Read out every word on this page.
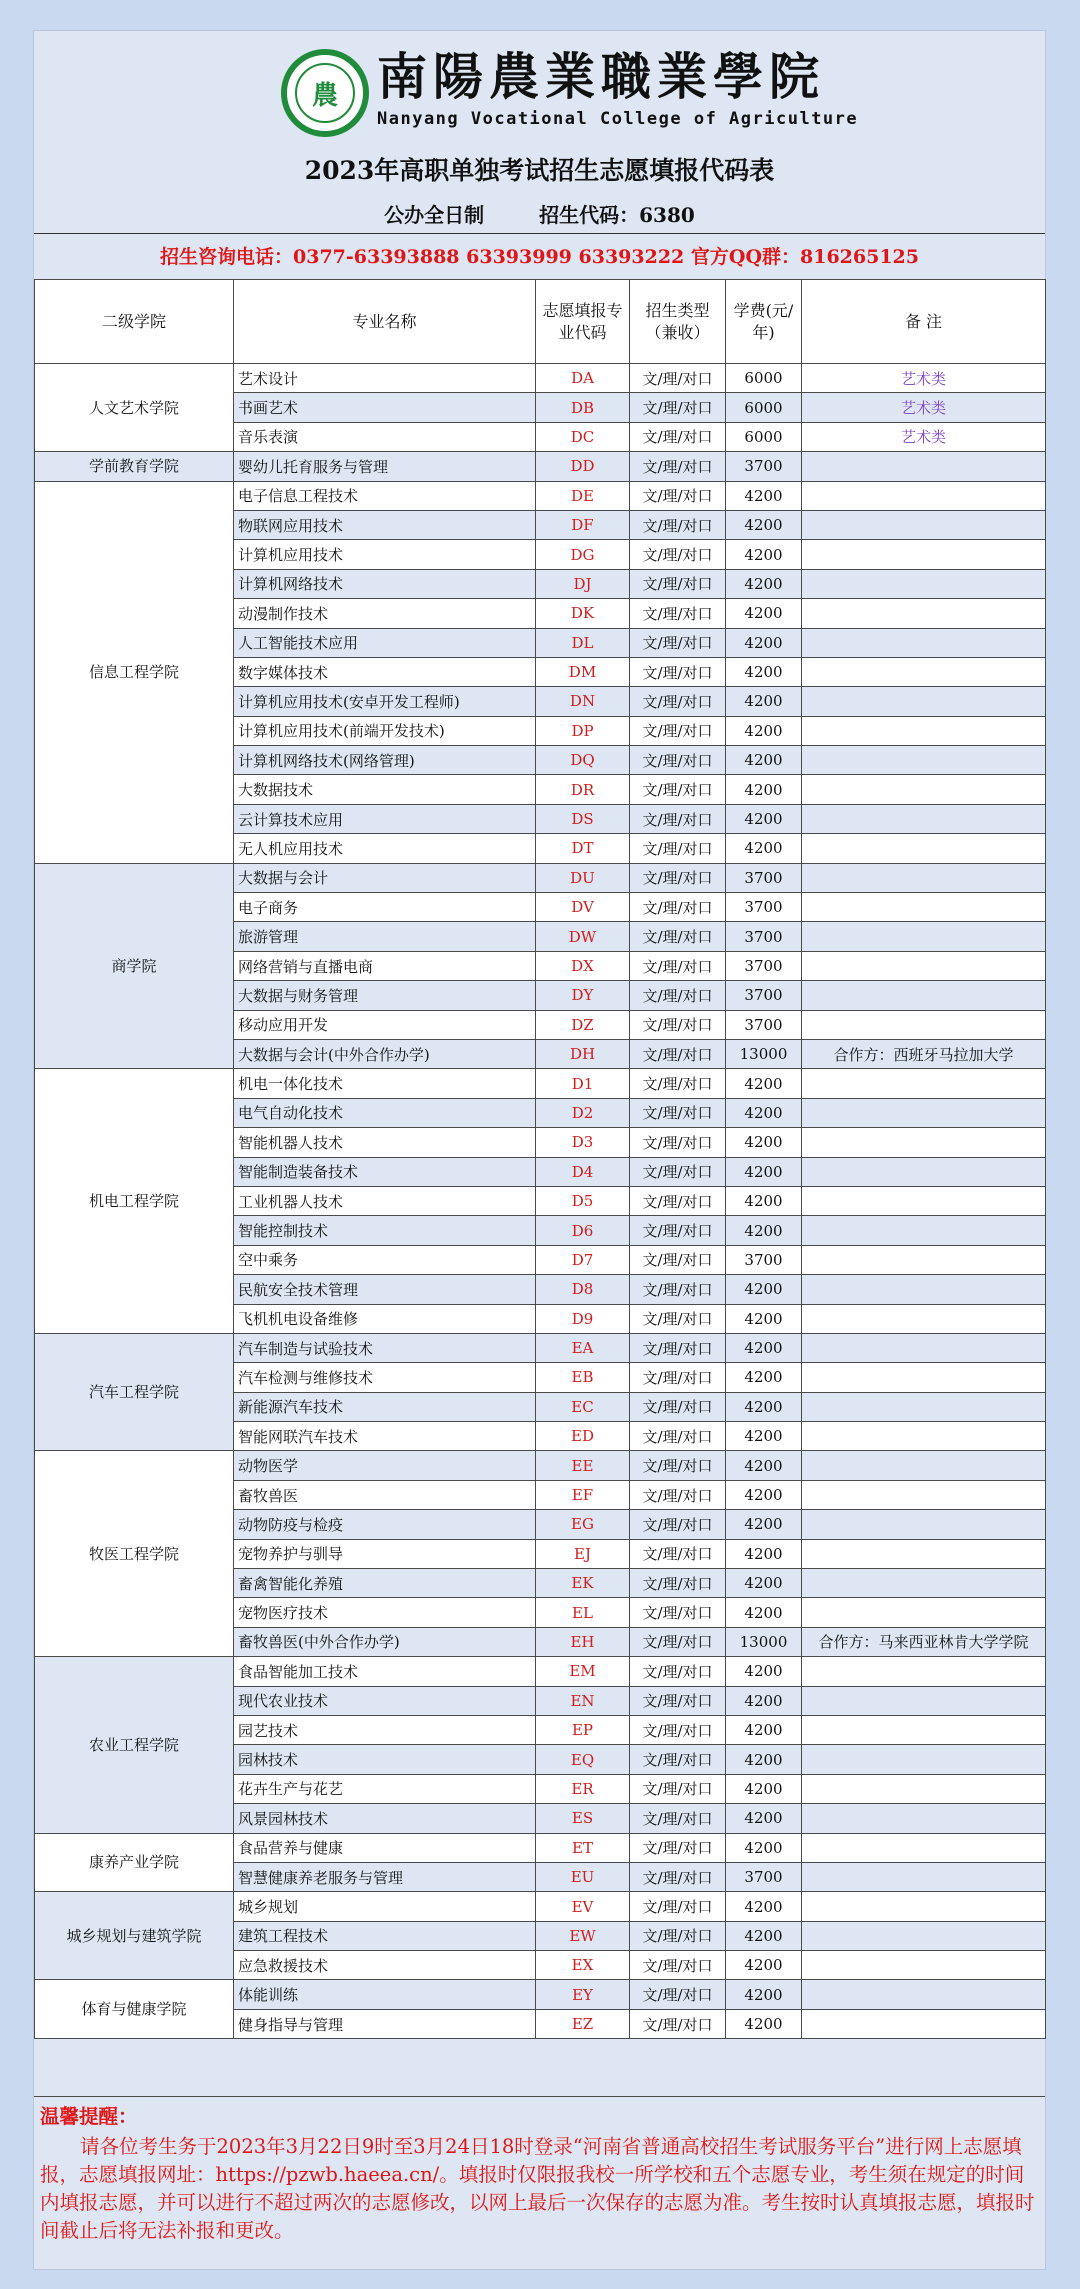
農 南陽農業職業學院
Nanyang Vocational College of Agriculture
2023年高职单独考试招生志愿填报代码表
公办全日制	招生代码：6380
招生咨询电话：0377-63393888 63393999 63393222 官方QQ群：816265125
二级学院	专业名称	志愿填报专业代码	招生类型（兼收）	学费(元/年)	备 注
人文艺术学院	艺术设计	DA	文/理/对口	6000	艺术类
	书画艺术	DB	文/理/对口	6000	艺术类
	音乐表演	DC	文/理/对口	6000	艺术类
学前教育学院	婴幼儿托育服务与管理	DD	文/理/对口	3700	
信息工程学院	电子信息工程技术	DE	文/理/对口	4200	
	物联网应用技术	DF	文/理/对口	4200	
	计算机应用技术	DG	文/理/对口	4200	
	计算机网络技术	DJ	文/理/对口	4200	
	动漫制作技术	DK	文/理/对口	4200	
	人工智能技术应用	DL	文/理/对口	4200	
	数字媒体技术	DM	文/理/对口	4200	
	计算机应用技术(安卓开发工程师)	DN	文/理/对口	4200	
	计算机应用技术(前端开发技术)	DP	文/理/对口	4200	
	计算机网络技术(网络管理)	DQ	文/理/对口	4200	
	大数据技术	DR	文/理/对口	4200	
	云计算技术应用	DS	文/理/对口	4200	
	无人机应用技术	DT	文/理/对口	4200	
商学院	大数据与会计	DU	文/理/对口	3700	
	电子商务	DV	文/理/对口	3700	
	旅游管理	DW	文/理/对口	3700	
	网络营销与直播电商	DX	文/理/对口	3700	
	大数据与财务管理	DY	文/理/对口	3700	
	移动应用开发	DZ	文/理/对口	3700	
	大数据与会计(中外合作办学)	DH	文/理/对口	13000	合作方：西班牙马拉加大学
机电工程学院	机电一体化技术	D1	文/理/对口	4200	
	电气自动化技术	D2	文/理/对口	4200	
	智能机器人技术	D3	文/理/对口	4200	
	智能制造装备技术	D4	文/理/对口	4200	
	工业机器人技术	D5	文/理/对口	4200	
	智能控制技术	D6	文/理/对口	4200	
	空中乘务	D7	文/理/对口	3700	
	民航安全技术管理	D8	文/理/对口	4200	
	飞机机电设备维修	D9	文/理/对口	4200	
汽车工程学院	汽车制造与试验技术	EA	文/理/对口	4200	
	汽车检测与维修技术	EB	文/理/对口	4200	
	新能源汽车技术	EC	文/理/对口	4200	
	智能网联汽车技术	ED	文/理/对口	4200	
牧医工程学院	动物医学	EE	文/理/对口	4200	
	畜牧兽医	EF	文/理/对口	4200	
	动物防疫与检疫	EG	文/理/对口	4200	
	宠物养护与驯导	EJ	文/理/对口	4200	
	畜禽智能化养殖	EK	文/理/对口	4200	
	宠物医疗技术	EL	文/理/对口	4200	
	畜牧兽医(中外合作办学)	EH	文/理/对口	13000	合作方：马来西亚林肯大学学院
农业工程学院	食品智能加工技术	EM	文/理/对口	4200	
	现代农业技术	EN	文/理/对口	4200	
	园艺技术	EP	文/理/对口	4200	
	园林技术	EQ	文/理/对口	4200	
	花卉生产与花艺	ER	文/理/对口	4200	
	风景园林技术	ES	文/理/对口	4200	
康养产业学院	食品营养与健康	ET	文/理/对口	4200	
	智慧健康养老服务与管理	EU	文/理/对口	3700	
城乡规划与建筑学院	城乡规划	EV	文/理/对口	4200	
	建筑工程技术	EW	文/理/对口	4200	
	应急救援技术	EX	文/理/对口	4200	
体育与健康学院	体能训练	EY	文/理/对口	4200	
	健身指导与管理	EZ	文/理/对口	4200	
温馨提醒：
请各位考生务于2023年3月22日9时至3月24日18时登录“河南省普通高校招生考试服务平台”进行网上志愿填报，志愿填报网址：https://pzwb.haeea.cn/。填报时仅限报我校一所学校和五个志愿专业，考生须在规定的时间内填报志愿，并可以进行不超过两次的志愿修改，以网上最后一次保存的志愿为准。考生按时认真填报志愿，填报时间截止后将无法补报和更改。
